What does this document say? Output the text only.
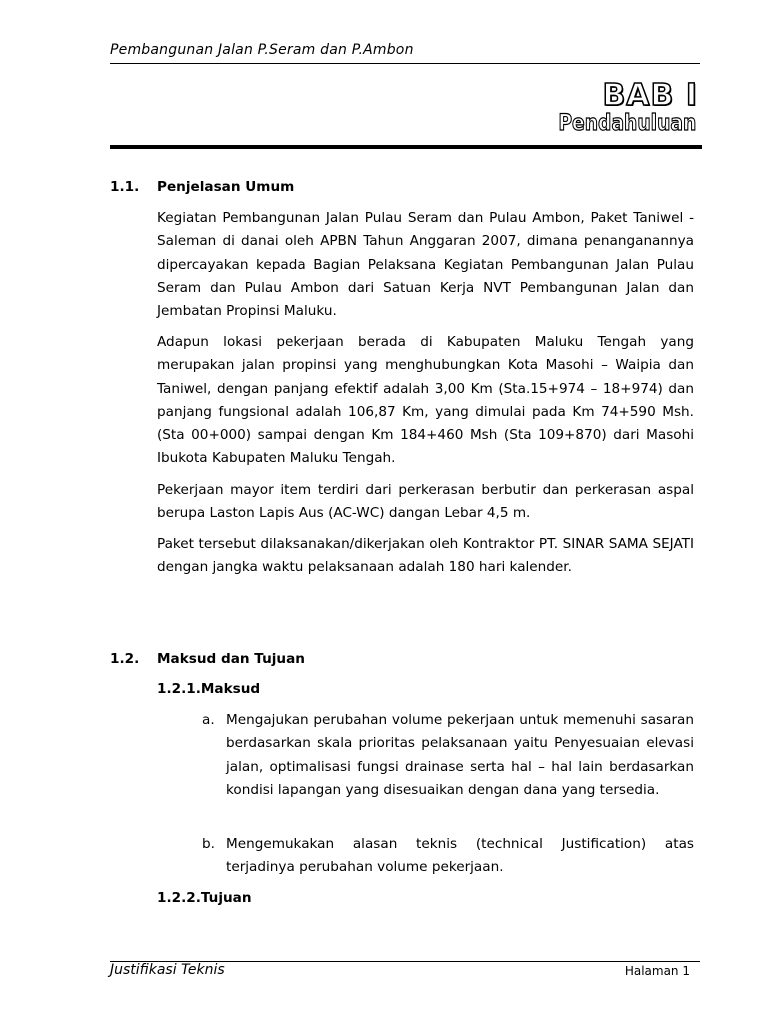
Pembangunan Jalan P.Seram dan P.Ambon
BAB I
Pendahuluan
1.1. Penjelasan Umum

Kegiatan Pembangunan Jalan Pulau Seram dan Pulau Ambon, Paket Taniwel - Saleman di danai oleh APBN Tahun Anggaran 2007, dimana penanganannya dipercayakan kepada Bagian Pelaksana Kegiatan Pembangunan Jalan Pulau Seram dan Pulau Ambon dari Satuan Kerja NVT Pembangunan Jalan dan Jembatan Propinsi Maluku.

Adapun lokasi pekerjaan berada di Kabupaten Maluku Tengah yang merupakan jalan propinsi yang menghubungkan Kota Masohi – Waipia dan Taniwel, dengan panjang efektif adalah 3,00 Km (Sta.15+974 – 18+974) dan panjang fungsional adalah 106,87 Km, yang dimulai pada Km 74+590 Msh. (Sta 00+000) sampai dengan Km 184+460 Msh (Sta 109+870) dari Masohi Ibukota Kabupaten Maluku Tengah.

Pekerjaan mayor item terdiri dari perkerasan berbutir dan perkerasan aspal berupa Laston Lapis Aus (AC-WC) dangan Lebar 4,5 m.

Paket tersebut dilaksanakan/dikerjakan oleh Kontraktor PT. SINAR SAMA SEJATI dengan jangka waktu pelaksanaan adalah 180 hari kalender.

1.2. Maksud dan Tujuan
1.2.1.Maksud
a. Mengajukan perubahan volume pekerjaan untuk memenuhi sasaran berdasarkan skala prioritas pelaksanaan yaitu Penyesuaian elevasi jalan, optimalisasi fungsi drainase serta hal – hal lain berdasarkan kondisi lapangan yang disesuaikan dengan dana yang tersedia.

b. Mengemukakan alasan teknis (technical Justification) atas terjadinya perubahan volume pekerjaan.

1.2.2.Tujuan
Justifikasi Teknis	Halaman 1
